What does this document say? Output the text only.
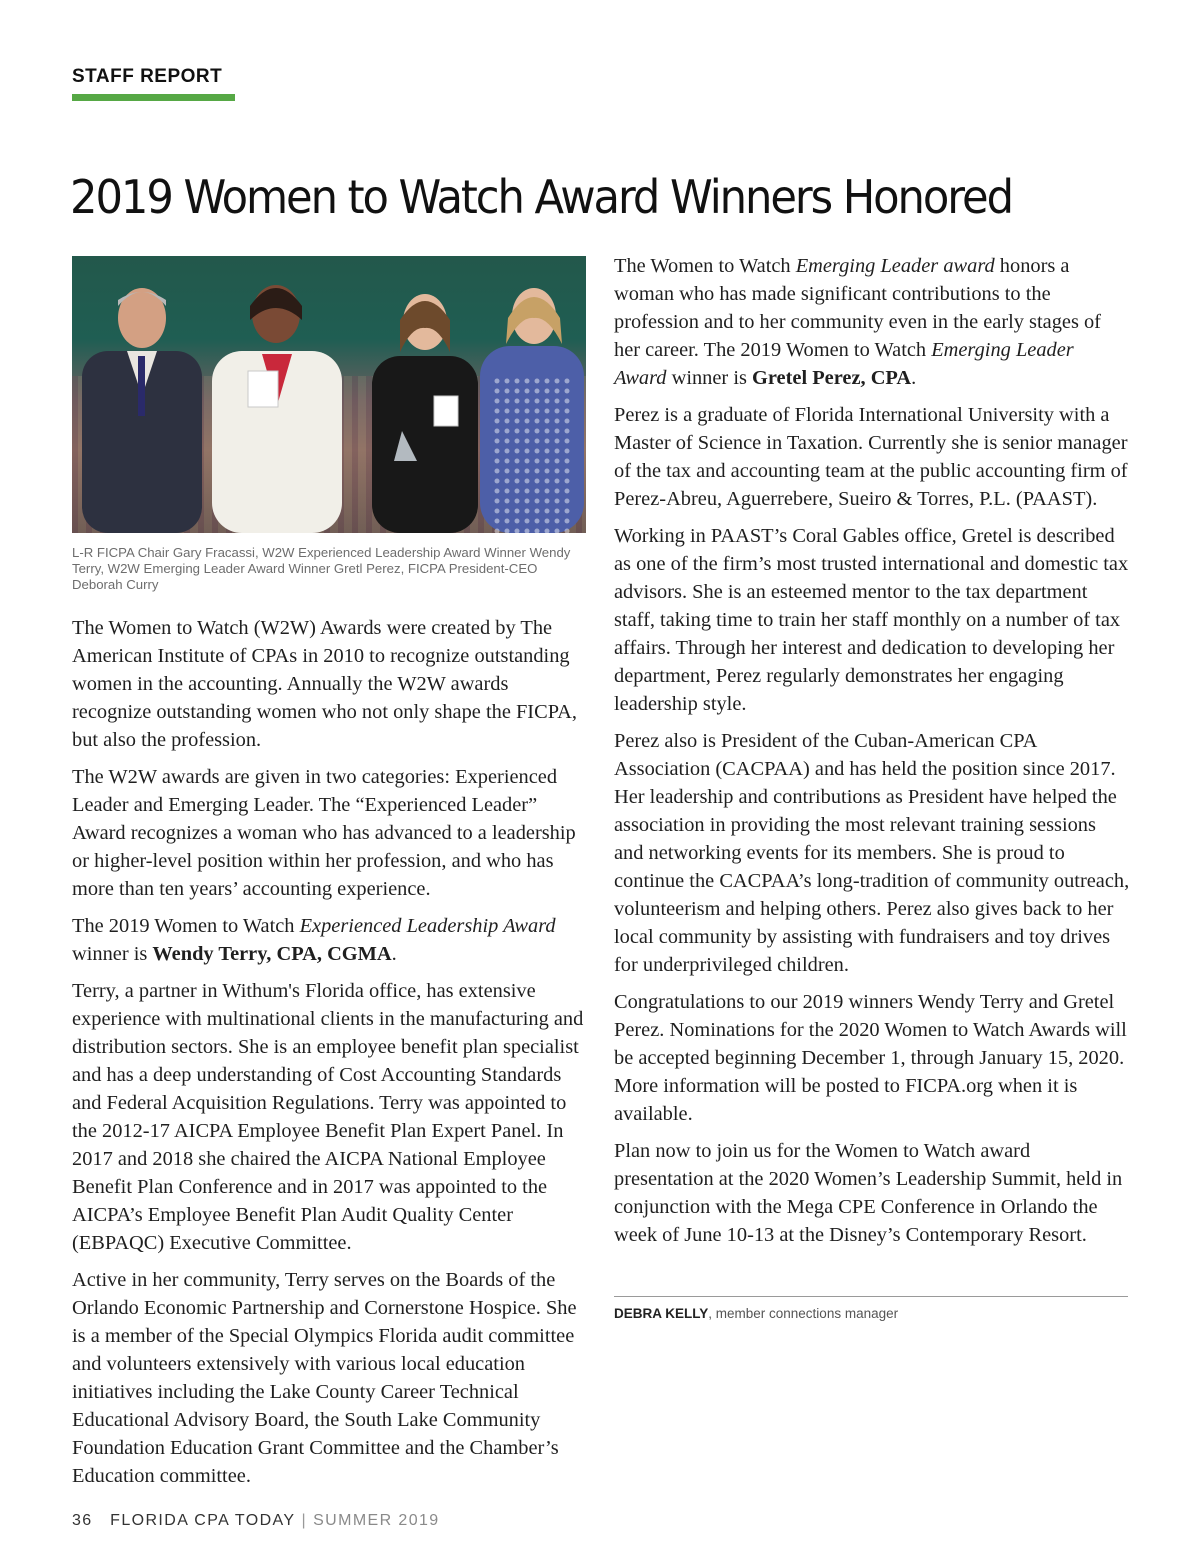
STAFF REPORT
2019 Women to Watch Award Winners Honored

L-R FICPA Chair Gary Fracassi, W2W Experienced Leadership Award Winner Wendy Terry, W2W Emerging Leader Award Winner Gretl Perez, FICPA President-CEO Deborah Curry

The Women to Watch (W2W) Awards were created by The American Institute of CPAs in 2010 to recognize outstanding women in the accounting. Annually the W2W awards recognize outstanding women who not only shape the FICPA, but also the profession.

The W2W awards are given in two categories: Experienced Leader and Emerging Leader. The “Experienced Leader” Award recognizes a woman who has advanced to a leadership or higher-level position within her profession, and who has more than ten years’ accounting experience.

The 2019 Women to Watch Experienced Leadership Award winner is Wendy Terry, CPA, CGMA.

Terry, a partner in Withum's Florida office, has extensive experience with multinational clients in the manufacturing and distribution sectors. She is an employee benefit plan specialist and has a deep understanding of Cost Accounting Standards and Federal Acquisition Regulations. Terry was appointed to the 2012-17 AICPA Employee Benefit Plan Expert Panel. In 2017 and 2018 she chaired the AICPA National Employee Benefit Plan Conference and in 2017 was appointed to the AICPA’s Employee Benefit Plan Audit Quality Center (EBPAQC) Executive Committee.

Active in her community, Terry serves on the Boards of the Orlando Economic Partnership and Cornerstone Hospice. She is a member of the Special Olympics Florida audit committee and volunteers extensively with various local education initiatives including the Lake County Career Technical Educational Advisory Board, the South Lake Community Foundation Education Grant Committee and the Chamber’s Education committee.

The Women to Watch Emerging Leader award honors a woman who has made significant contributions to the profession and to her community even in the early stages of her career. The 2019 Women to Watch Emerging Leader Award winner is Gretel Perez, CPA.

Perez is a graduate of Florida International University with a Master of Science in Taxation. Currently she is senior manager of the tax and accounting team at the public accounting firm of Perez-Abreu, Aguerrebere, Sueiro & Torres, P.L. (PAAST).

Working in PAAST’s Coral Gables office, Gretel is described as one of the firm’s most trusted international and domestic tax advisors. She is an esteemed mentor to the tax department staff, taking time to train her staff monthly on a number of tax affairs. Through her interest and dedication to developing her department, Perez regularly demonstrates her engaging leadership style.

Perez also is President of the Cuban-American CPA Association (CACPAA) and has held the position since 2017. Her leadership and contributions as President have helped the association in providing the most relevant training sessions and networking events for its members. She is proud to continue the CACPAA’s long-tradition of community outreach, volunteerism and helping others. Perez also gives back to her local community by assisting with fundraisers and toy drives for underprivileged children.

Congratulations to our 2019 winners Wendy Terry and Gretel Perez. Nominations for the 2020 Women to Watch Awards will be accepted beginning December 1, through January 15, 2020. More information will be posted to FICPA.org when it is available.

Plan now to join us for the Women to Watch award presentation at the 2020 Women’s Leadership Summit, held in conjunction with the Mega CPE Conference in Orlando the week of June 10-13 at the Disney’s Contemporary Resort.

DEBRA KELLY, member connections manager
36 FLORIDA CPA TODAY | SUMMER 2019
